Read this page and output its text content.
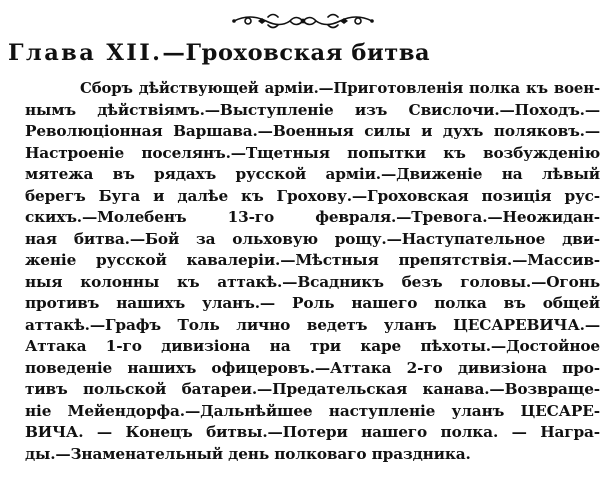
Глава XII.—Гроховская битва
Сборъ дѣйствующей армiи.—Приготовленiя полка къ воен-
нымъ дѣйствiямъ.—Выступленiе изъ Свислочи.—Походъ.—
Революцiонная Варшава.—Военныя силы и духъ поляковъ.—
Настроенiе поселянъ.—Тщетныя попытки къ возбужденiю
мятежа въ рядахъ русской армiи.—Движенiе на лѣвый
берегъ Буга и далѣе къ Грохову.—Гроховская позицiя рус-
скихъ.—Молебенъ 13-го февраля.—Тревога.—Неожидан-
ная битва.—Бой за ольховую рощу.—Наступательное дви-
женiе русской кавалерiи.—Мѣстныя препятствiя.—Массив-
ныя колонны къ аттакѣ.—Всадникъ безъ головы.—Огонь
противъ нашихъ уланъ.— Роль нашего полка въ общей
аттакѣ.—Графъ Толь лично ведетъ уланъ ЦЕСАРЕВИЧА.—
Аттака 1-го дивизiона на три каре пѣхоты.—Достойное
поведенiе нашихъ офицеровъ.—Аттака 2-го дивизiона про-
тивъ польской батареи.—Предательская канава.—Возвраще-
нiе Мейендорфа.—Дальнѣйшее наступленiе уланъ ЦЕСАРЕ-
ВИЧА. — Конецъ битвы.—Потери нашего полка. — Награ-
ды.—Знаменательный день полковаго праздника.
